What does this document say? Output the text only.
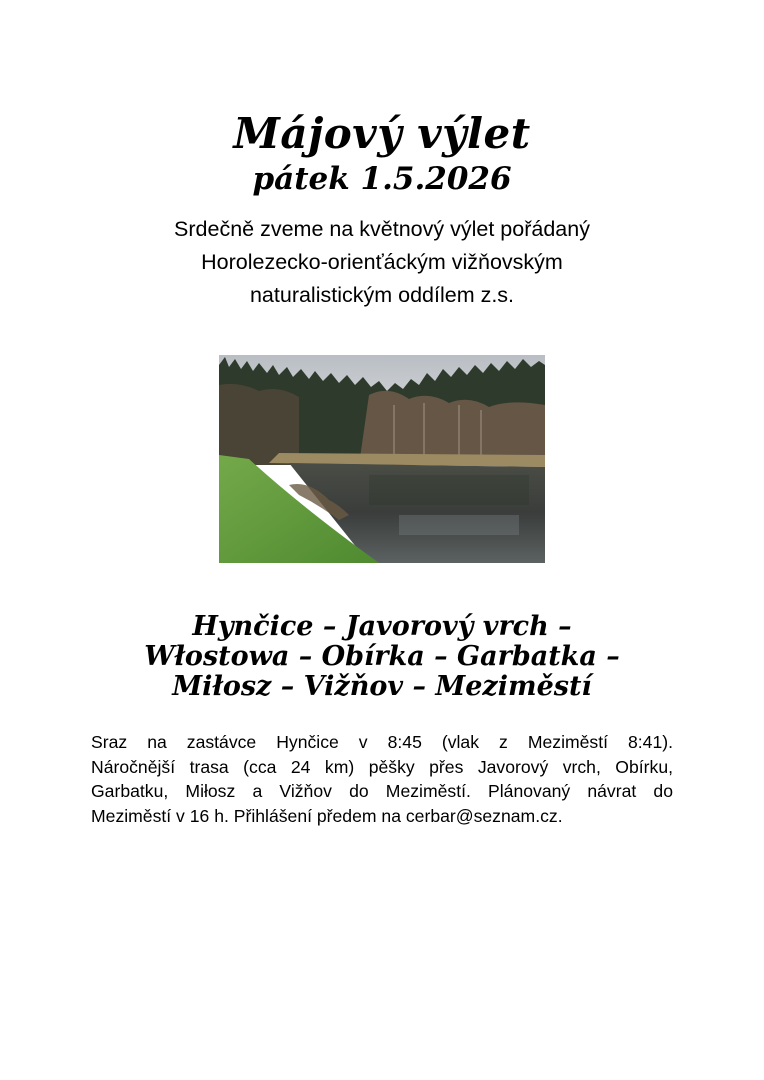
Májový výlet
pátek 1.5.2026
Srdečně zveme na květnový výlet pořádaný
Horolezecko-orienťáckým vižňovským
naturalistickým oddílem z.s.
Hynčice – Javorový vrch –
Włostowa – Obírka – Garbatka –
Miłosz – Vižňov – Meziměstí
Sraz na zastávce Hynčice v 8:45 (vlak z Meziměstí 8:41).
Náročnější trasa (cca 24 km) pěšky přes Javorový vrch, Obírku,
Garbatku, Miłosz a Vižňov do Meziměstí. Plánovaný návrat do
Meziměstí v 16 h. Přihlášení předem na cerbar@seznam.cz.
